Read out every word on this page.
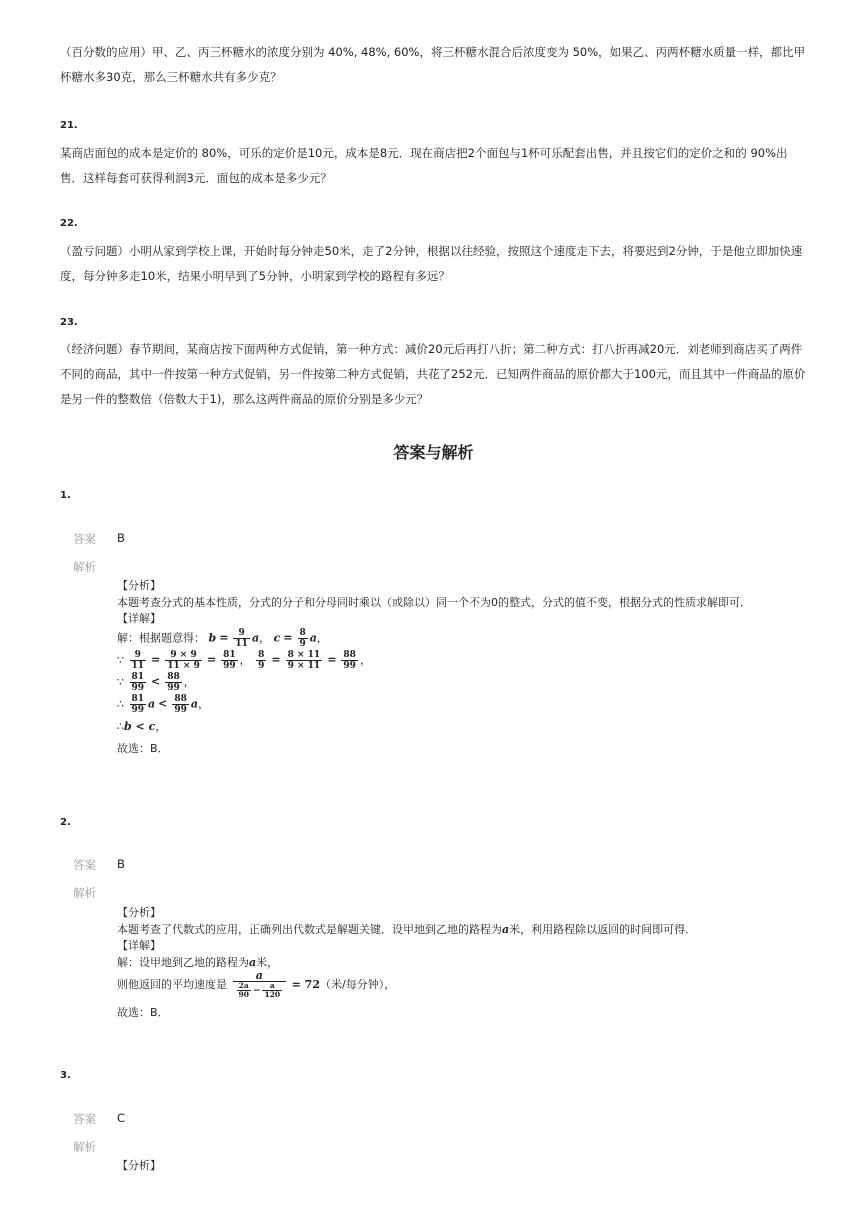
（百分数的应用）甲、乙、丙三杯糖水的浓度分别为 40%, 48%, 60%，将三杯糖水混合后浓度变为 50%，如果乙、丙两杯糖水质量一样，都比甲杯糖水多30克，那么三杯糖水共有多少克？

21.

某商店面包的成本是定价的 80%，可乐的定价是10元，成本是8元．现在商店把2个面包与1杯可乐配套出售，并且按它们的定价之和的 90%出售．这样每套可获得利润3元．面包的成本是多少元？

22.

（盈亏问题）小明从家到学校上课，开始时每分钟走50米，走了2分钟，根据以往经验，按照这个速度走下去，将要迟到2分钟，于是他立即加快速度，每分钟多走10米，结果小明早到了5分钟，小明家到学校的路程有多远？

23.

（经济问题）春节期间，某商店按下面两种方式促销，第一种方式：减价20元后再打八折；第二种方式：打八折再减20元．刘老师到商店买了两件不同的商品，其中一件按第一种方式促销，另一件按第二种方式促销，共花了252元．已知两件商品的原价都大于100元，而且其中一件商品的原价是另一件的整数倍（倍数大于1)，那么这两件商品的原价分别是多少元？

答案与解析

1.

答案 B
解析
【分析】
本题考查分式的基本性质，分式的分子和分母同时乘以（或除以）同一个不为0的整式，分式的值不变，根据分式的性质求解即可．
【详解】
解：根据题意得： $b = \frac{9}{11}$ a， $c = \frac{8}{9}$ a，
∵ $\frac{9}{11} = \frac{9 \times 9}{11 \times 9} = \frac{81}{99}$ ， $\frac{8}{9} = \frac{8 \times 11}{9 \times 11} = \frac{88}{99}$ ，
∵ $\frac{81}{99} < \frac{88}{99}$ ，
∴ $\frac{81}{99}$ $a < \frac{88}{99}$ a，
∴b < c，
故选：B．

2.

答案 B
解析
【分析】
本题考查了代数式的应用，正确列出代数式是解题关键．设甲地到乙地的路程为a米，利用路程除以返回的时间即可得．
【详解】
解：设甲地到乙地的路程为a米，
则他返回的平均速度是 $\frac{a}{\frac{2a}{90} - \frac{a}{120}} = 72$（米/每分钟），
故选：B．

3.

答案 C
解析
【分析】
